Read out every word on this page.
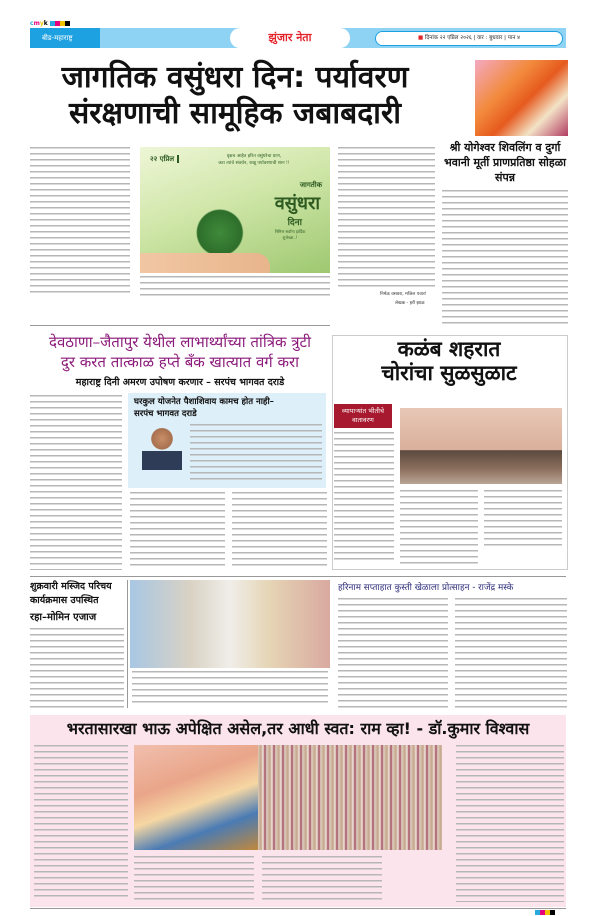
cmyk
बीड-महाराष्ट्र	झुंजार नेता	■ दिनांक २२ एप्रिल २०२६ | वार : बुधवार | पान ४
जागतिक वसुंधरा दिन: पर्यावरण
संरक्षणाची सामूहिक जबाबदारी
निर्मळ वसवरा, मजिल पवार!
लेखक - हरी झाळ
२२ एप्रिल	वृक्षच आहेत हरित वसुंधरेचा प्राण,
करा त्यांचे संवर्धन, राखू पर्यावरणाची शान !!
जागतीक
वसुंधरा
दिना
निमित्त सर्वांना हार्दिक शुभेच्छा..!
श्री योगेश्वर शिवलिंग व दुर्गा भवानी मूर्ती प्राणप्रतिष्ठा सोहळा संपन्न
देवठाणा–जैतापुर येथील लाभार्थ्यांच्या तांत्रिक त्रुटी
दुर करत तात्काळ हप्ते बँक खात्यात वर्ग करा
महाराष्ट्र दिनी अमरण उपोषण करणार – सरपंच भागवत दराडे
घरकुल योजनेत पैशाशिवाय कामच होत नाही– सरपंच भागवत दराडे
कळंब शहरात
चोरांचा सुळसुळाट
व्यापाऱ्यांत भीतीचे वातावरण
शुक्रवारी मस्जिद परिचय
कार्यक्रमास उपस्थित
रहा–मोमिन एजाज
हरिनाम सप्ताहात कुस्ती खेळाला प्रोत्साहन - राजेंद्र मस्के
भरतासारखा भाऊ अपेक्षित असेल,तर आधी स्वत: राम व्हा! - डॉ.कुमार विश्वास
